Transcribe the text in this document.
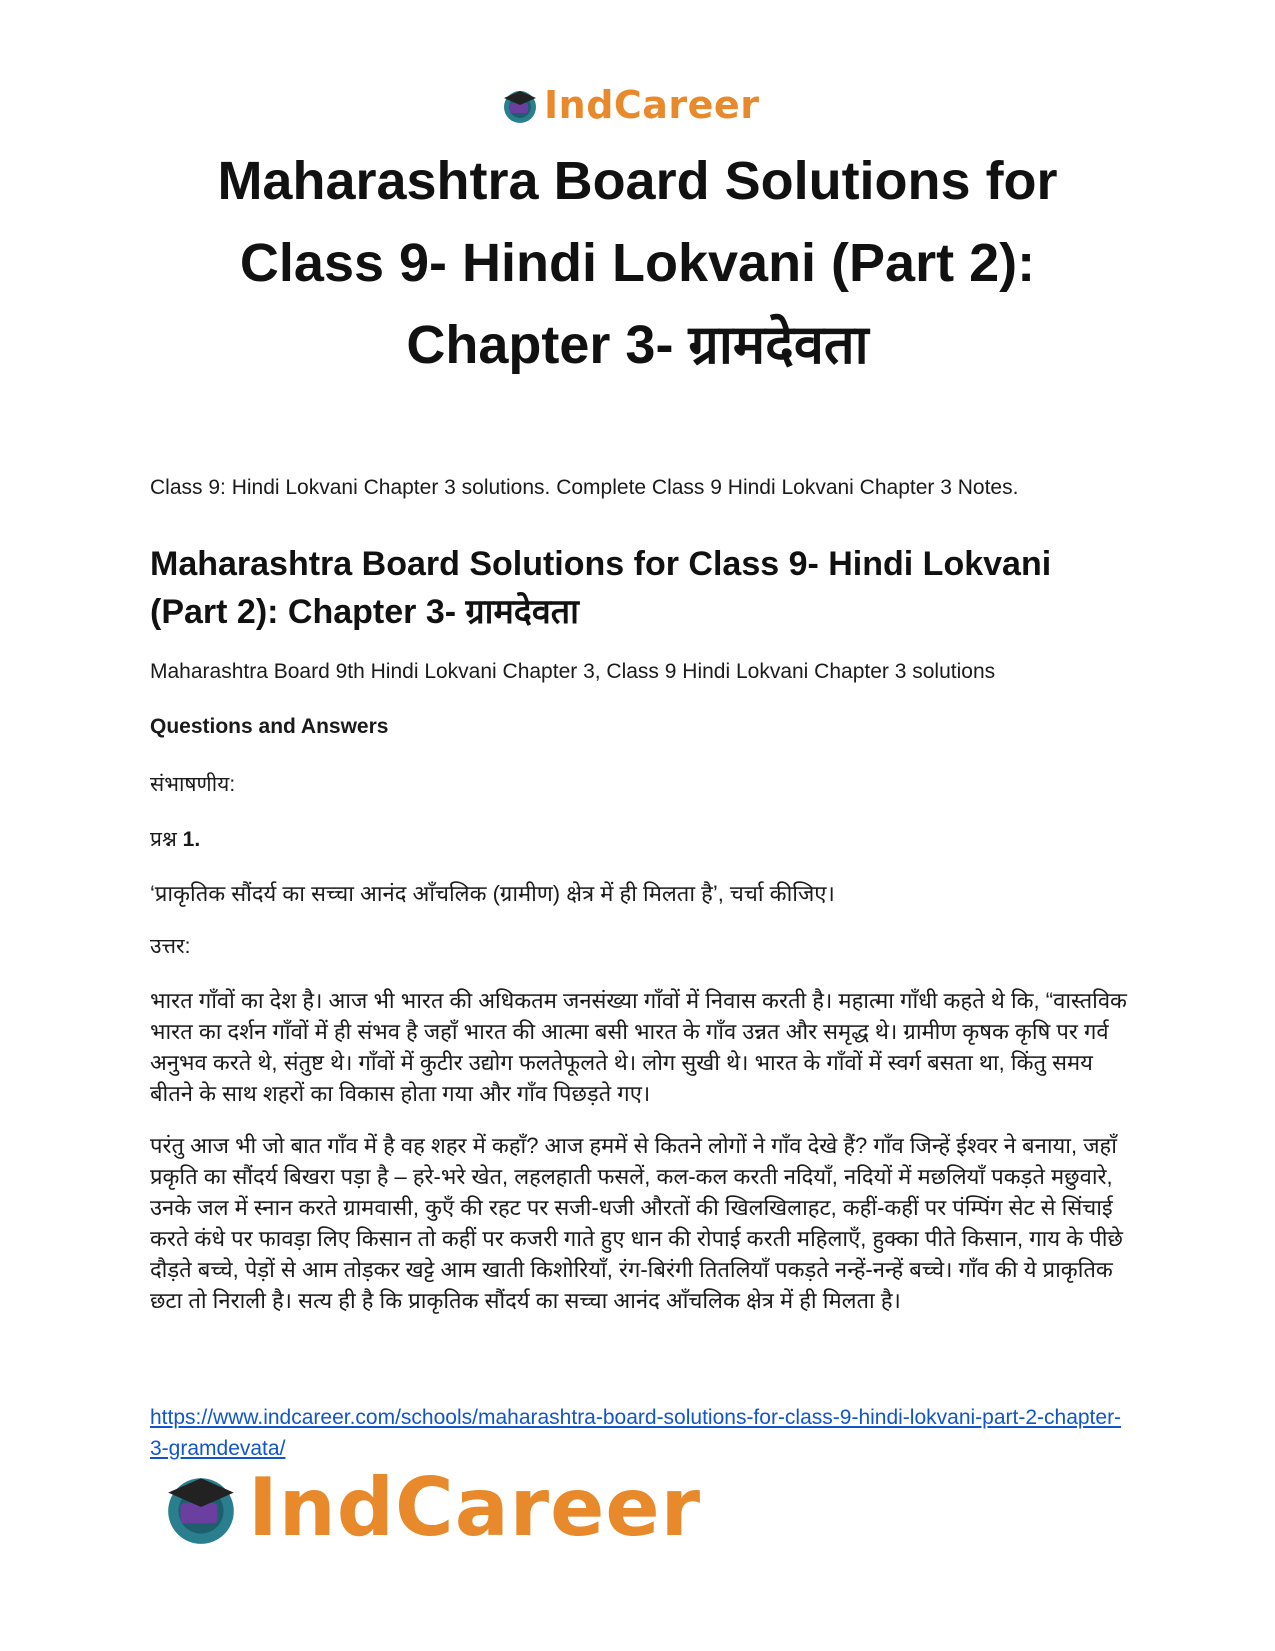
IndCareer
Maharashtra Board Solutions for
Class 9- Hindi Lokvani (Part 2):
Chapter 3- ग्रामदेवता

Class 9: Hindi Lokvani Chapter 3 solutions. Complete Class 9 Hindi Lokvani Chapter 3 Notes.

Maharashtra Board Solutions for Class 9- Hindi Lokvani
(Part 2): Chapter 3- ग्रामदेवता

Maharashtra Board 9th Hindi Lokvani Chapter 3, Class 9 Hindi Lokvani Chapter 3 solutions

Questions and Answers

संभाषणीय:

प्रश्न 1.

‘प्राकृतिक सौंदर्य का सच्चा आनंद आँचलिक (ग्रामीण) क्षेत्र में ही मिलता है’, चर्चा कीजिए।

उत्तर:

भारत गाँवों का देश है। आज भी भारत की अधिकतम जनसंख्या गाँवों में निवास करती है। महात्मा गाँधी कहते थे कि, “वास्तविक भारत का दर्शन गाँवों में ही संभव है जहाँ भारत की आत्मा बसी भारत के गाँव उन्नत और समृद्ध थे। ग्रामीण कृषक कृषि पर गर्व अनुभव करते थे, संतुष्ट थे। गाँवों में कुटीर उद्योग फलतेफूलते थे। लोग सुखी थे। भारत के गाँवों में स्वर्ग बसता था, किंतु समय बीतने के साथ शहरों का विकास होता गया और गाँव पिछड़ते गए।

परंतु आज भी जो बात गाँव में है वह शहर में कहाँ? आज हममें से कितने लोगों ने गाँव देखे हैं? गाँव जिन्हें ईश्वर ने बनाया, जहाँ प्रकृति का सौंदर्य बिखरा पड़ा है – हरे-भरे खेत, लहलहाती फसलें, कल-कल करती नदियाँ, नदियों में मछलियाँ पकड़ते मछुवारे, उनके जल में स्नान करते ग्रामवासी, कुएँ की रहट पर सजी-धजी औरतों की खिलखिलाहट, कहीं-कहीं पर पंम्पिंग सेट से सिंचाई करते कंधे पर फावड़ा लिए किसान तो कहीं पर कजरी गाते हुए धान की रोपाई करती महिलाएँ, हुक्का पीते किसान, गाय के पीछे दौड़ते बच्चे, पेड़ों से आम तोड़कर खट्टे आम खाती किशोरियाँ, रंग-बिरंगी तितलियाँ पकड़ते नन्हें-नन्हें बच्चे। गाँव की ये प्राकृतिक छटा तो निराली है। सत्य ही है कि प्राकृतिक सौंदर्य का सच्चा आनंद आँचलिक क्षेत्र में ही मिलता है।

https://www.indcareer.com/schools/maharashtra-board-solutions-for-class-9-hindi-lokvani-part-2-chapter-3-gramdevata/
IndCareer
